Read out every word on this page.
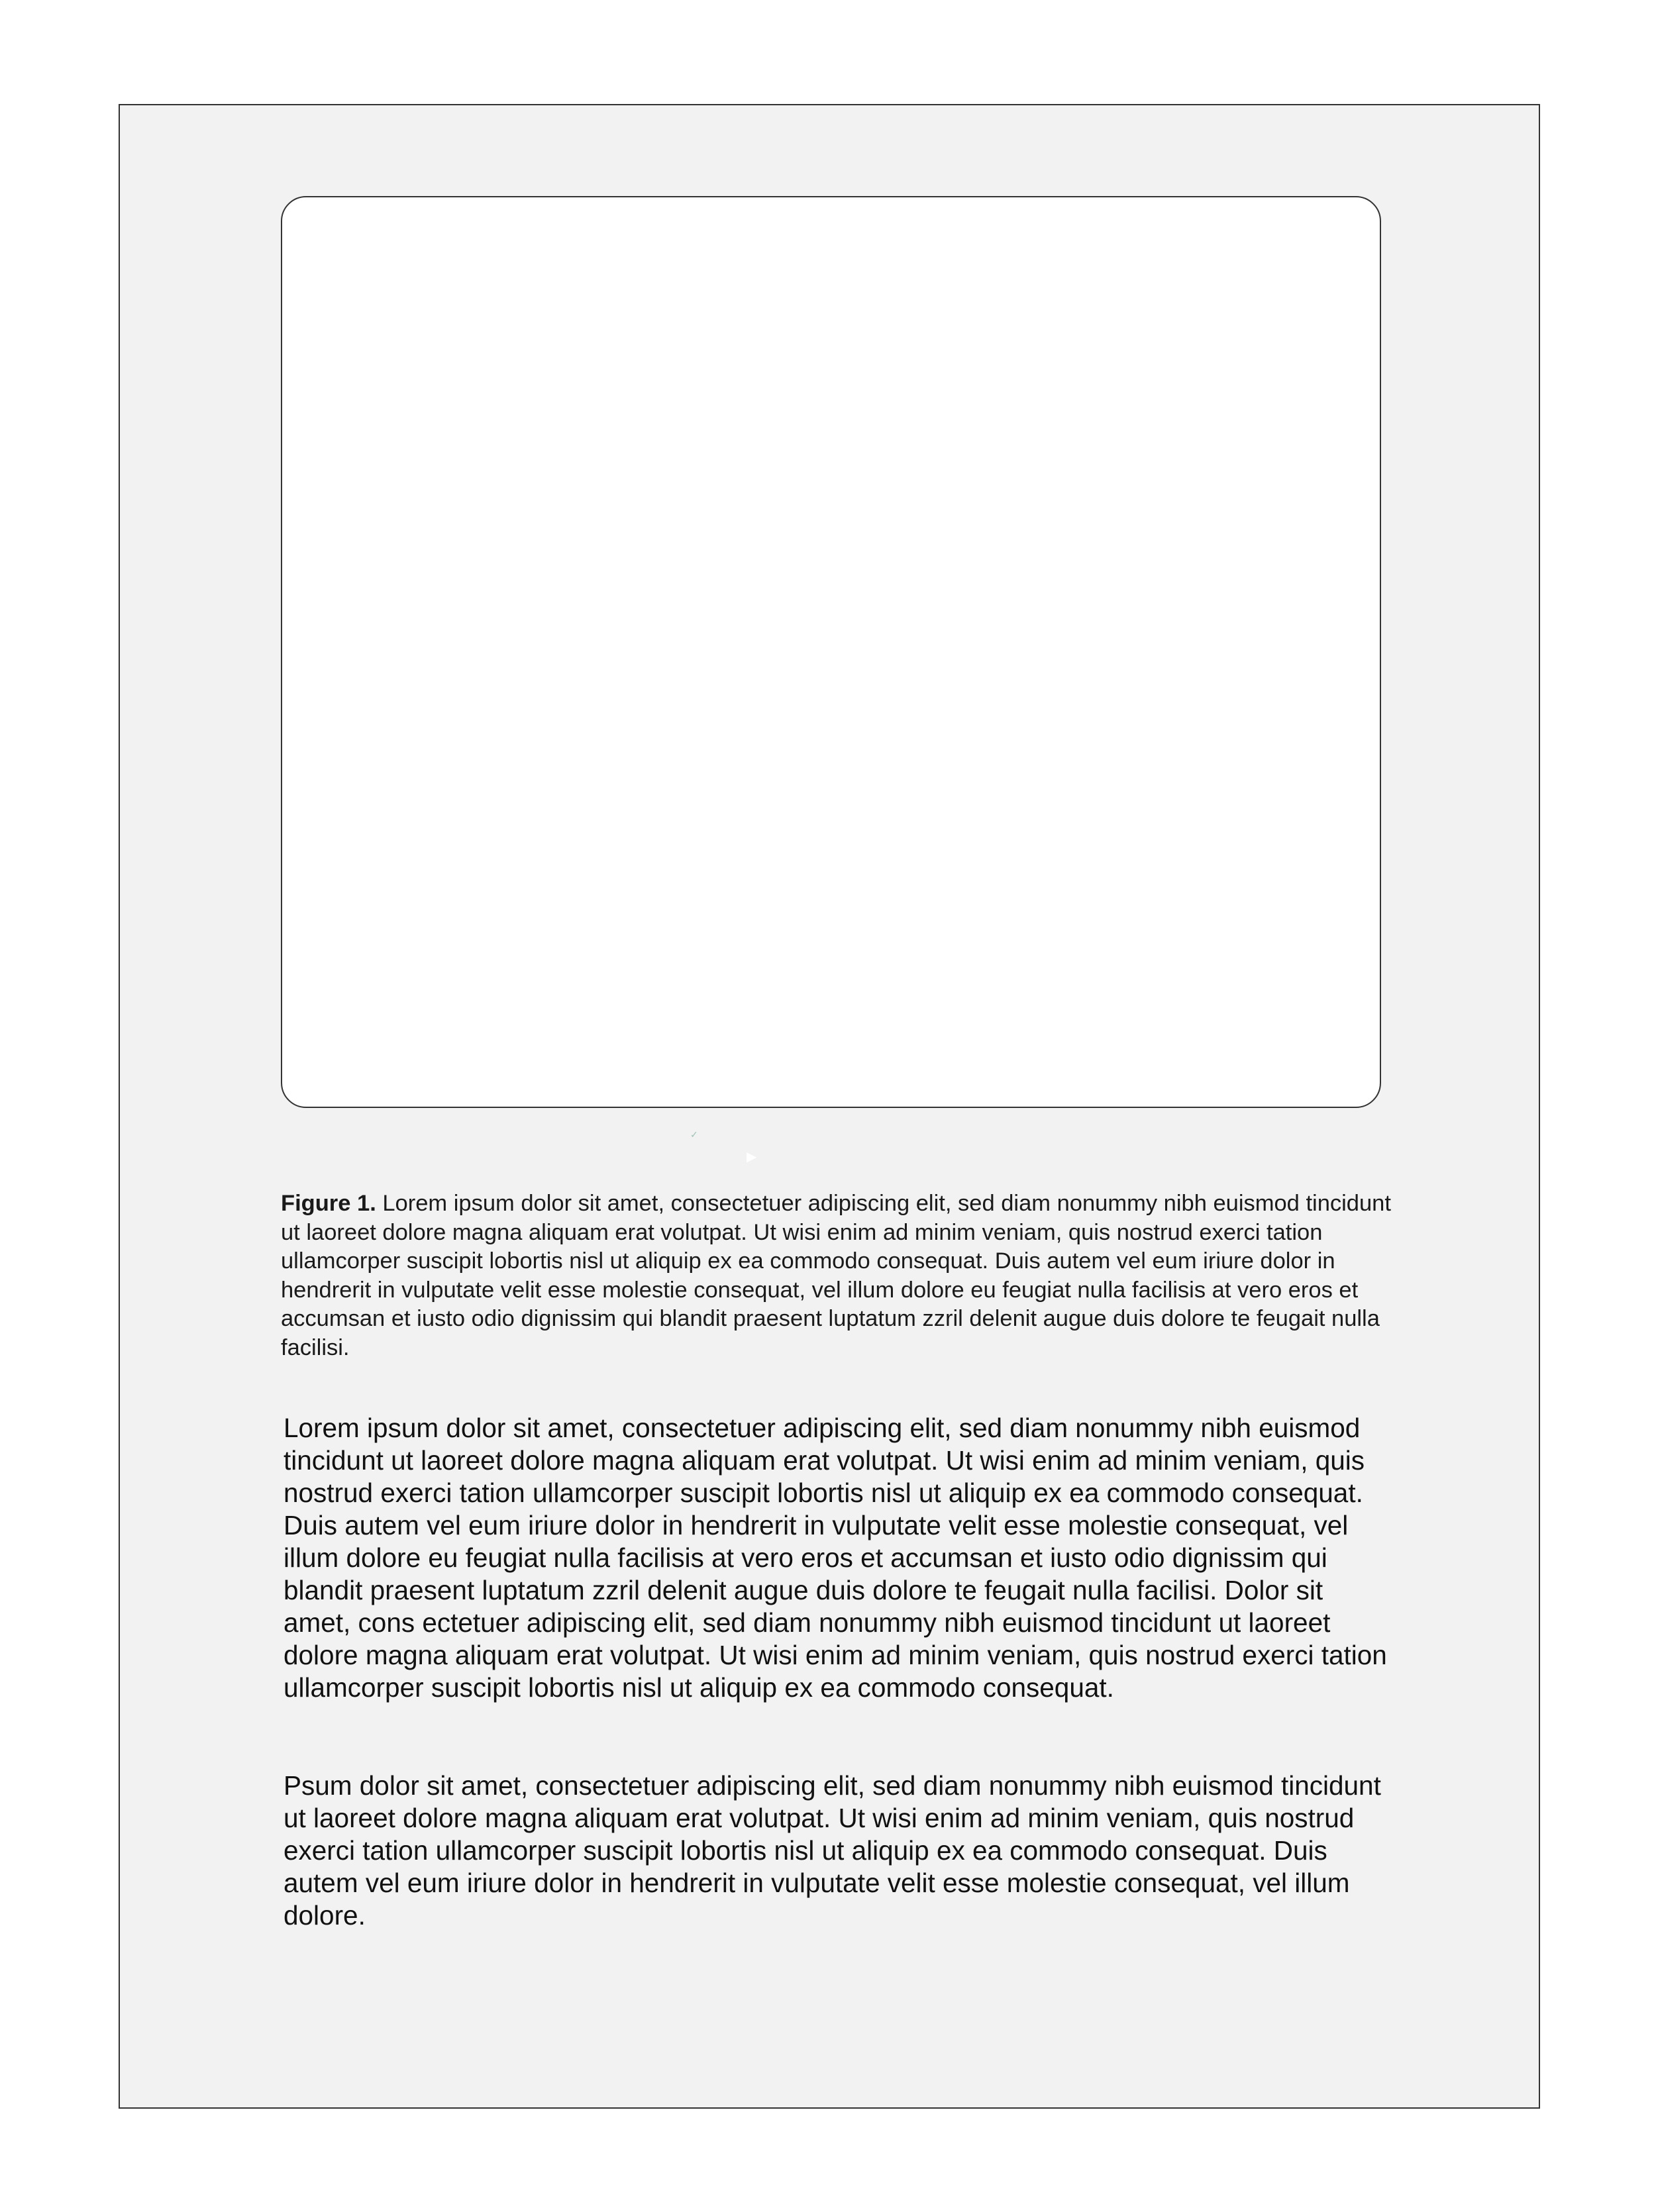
✓
▶

Figure 1. Lorem ipsum dolor sit amet, consectetuer adipiscing elit, sed diam nonummy nibh euismod tincidunt ut laoreet dolore magna aliquam erat volutpat. Ut wisi enim ad minim veniam, quis nostrud exerci tation ullamcorper suscipit lobortis nisl ut aliquip ex ea commodo consequat. Duis autem vel eum iriure dolor in hendrerit in vulputate velit esse molestie consequat, vel illum dolore eu feugiat nulla facilisis at vero eros et accumsan et iusto odio dignissim qui blandit praesent luptatum zzril delenit augue duis dolore te feugait nulla facilisi.

Lorem ipsum dolor sit amet, consectetuer adipiscing elit, sed diam nonummy nibh euismod tincidunt ut laoreet dolore magna aliquam erat volutpat. Ut wisi enim ad minim veniam, quis nostrud exerci tation ullamcorper suscipit lobortis nisl ut aliquip ex ea commodo consequat. Duis autem vel eum iriure dolor in hendrerit in vulputate velit esse molestie consequat, vel illum dolore eu feugiat nulla facilisis at vero eros et accumsan et iusto odio dignissim qui blandit praesent luptatum zzril delenit augue duis dolore te feugait nulla facilisi. Dolor sit amet, cons ectetuer adipiscing elit, sed diam nonummy nibh euismod tincidunt ut laoreet dolore magna aliquam erat volutpat. Ut wisi enim ad minim veniam, quis nostrud exerci tation ullamcorper suscipit lobortis nisl ut aliquip ex ea commodo consequat.

Psum dolor sit amet, consectetuer adipiscing elit, sed diam nonummy nibh euismod tincidunt ut laoreet dolore magna aliquam erat volutpat. Ut wisi enim ad minim veniam, quis nostrud exerci tation ullamcorper suscipit lobortis nisl ut aliquip ex ea commodo consequat. Duis autem vel eum iriure dolor in hendrerit in vulputate velit esse molestie consequat, vel illum dolore.
